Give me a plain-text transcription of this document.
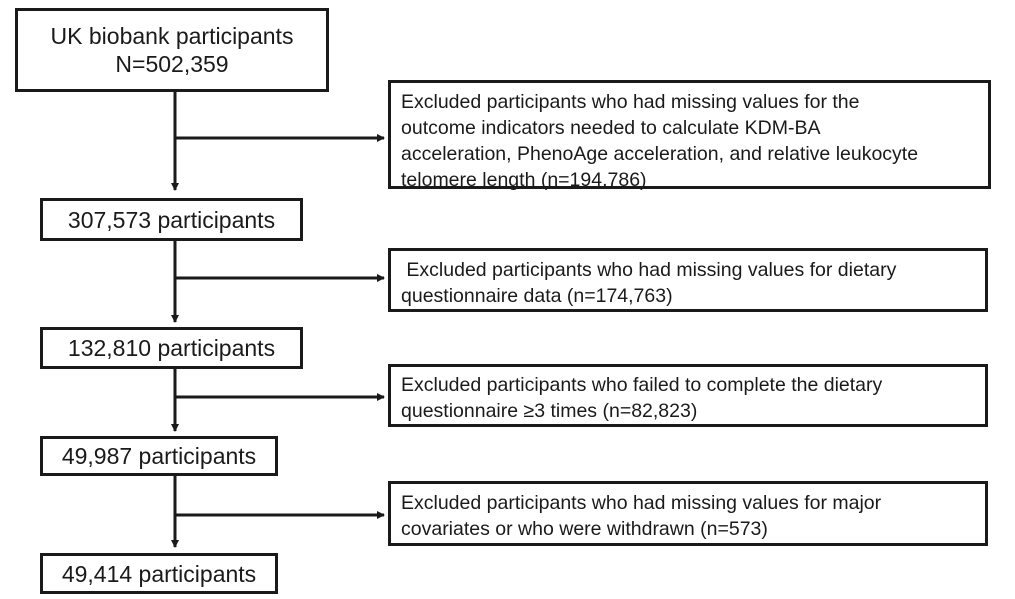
UK biobank participants
N=502,359
Excluded participants who had missing values for the
outcome indicators needed to calculate KDM-BA
acceleration, PhenoAge acceleration, and relative leukocyte
telomere length (n=194,786)
307,573 participants
Excluded participants who had missing values for dietary
questionnaire data (n=174,763)
132,810 participants
Excluded participants who failed to complete the dietary
questionnaire ≥3 times (n=82,823)
49,987 participants
Excluded participants who had missing values for major
covariates or who were withdrawn (n=573)
49,414 participants
